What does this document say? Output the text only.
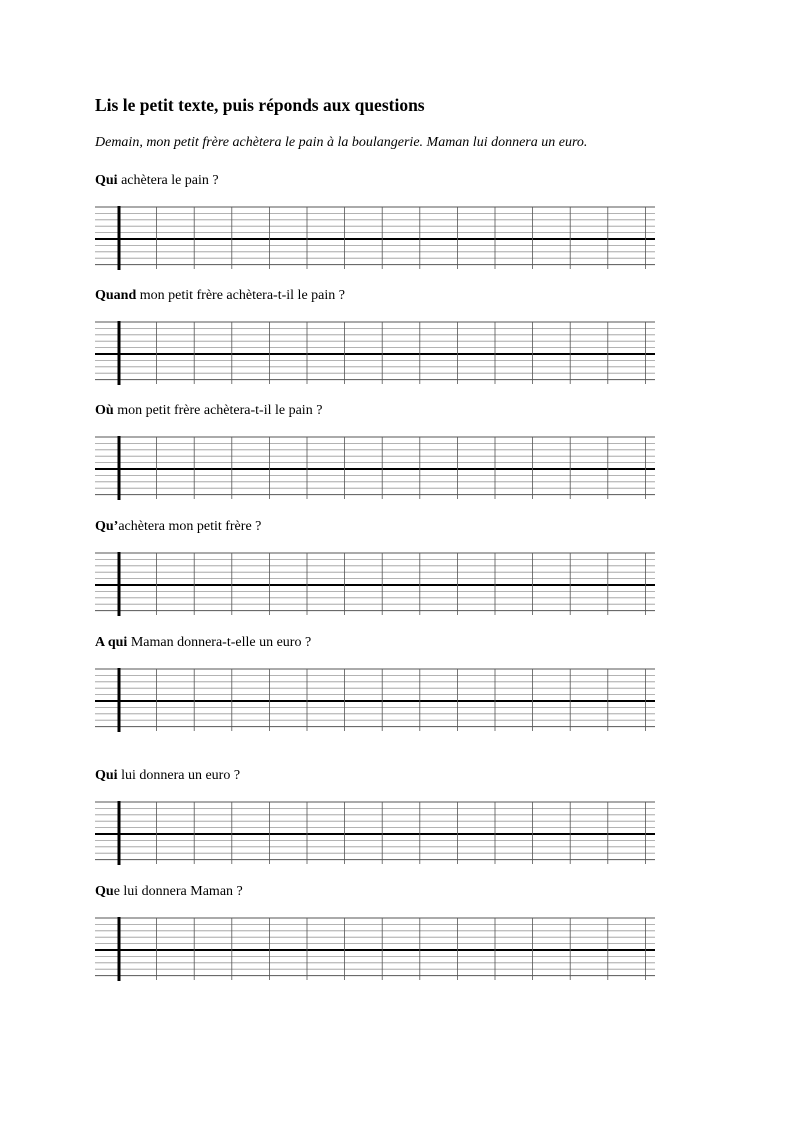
Lis le petit texte, puis réponds aux questions
Demain, mon petit frère achètera le pain à la boulangerie. Maman lui donnera un euro.
Qui achètera le pain ?
Quand mon petit frère achètera-t-il le pain ?
Où mon petit frère achètera-t-il le pain ?
Qu’achètera mon petit frère ?
A qui Maman donnera-t-elle un euro ?
Qui lui donnera un euro ?
Que lui donnera Maman ?
